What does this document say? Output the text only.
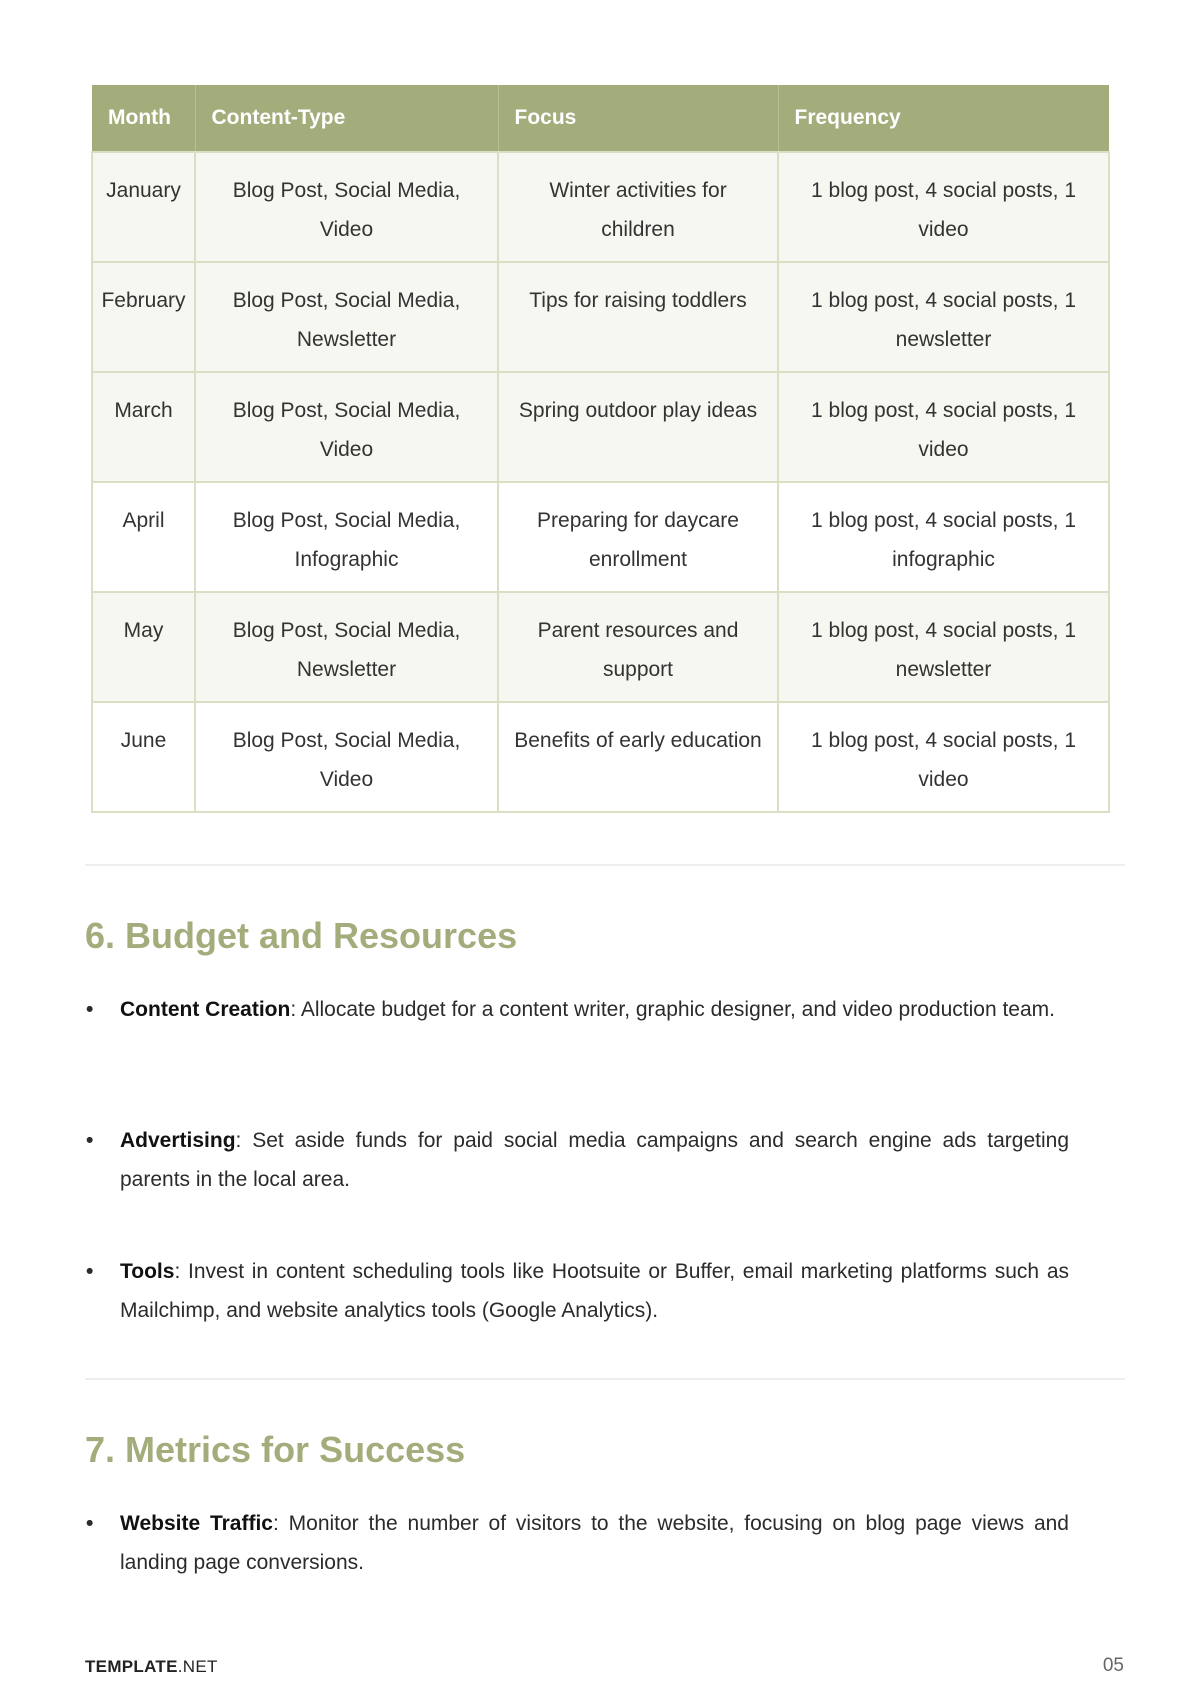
Month	Content-Type	Focus	Frequency
January	Blog Post, Social Media, Video	Winter activities for children	1 blog post, 4 social posts, 1 video
February	Blog Post, Social Media, Newsletter	Tips for raising toddlers	1 blog post, 4 social posts, 1 newsletter
March	Blog Post, Social Media, Video	Spring outdoor play ideas	1 blog post, 4 social posts, 1 video
April	Blog Post, Social Media, Infographic	Preparing for daycare enrollment	1 blog post, 4 social posts, 1 infographic
May	Blog Post, Social Media, Newsletter	Parent resources and support	1 blog post, 4 social posts, 1 newsletter
June	Blog Post, Social Media, Video	Benefits of early education	1 blog post, 4 social posts, 1 video
6. Budget and Resources
• Content Creation: Allocate budget for a content writer, graphic designer, and video production team.
• Advertising: Set aside funds for paid social media campaigns and search engine ads targeting parents in the local area.
• Tools: Invest in content scheduling tools like Hootsuite or Buffer, email marketing platforms such as Mailchimp, and website analytics tools (Google Analytics).
7. Metrics for Success
• Website Traffic: Monitor the number of visitors to the website, focusing on blog page views and landing page conversions.
TEMPLATE.NET	05
